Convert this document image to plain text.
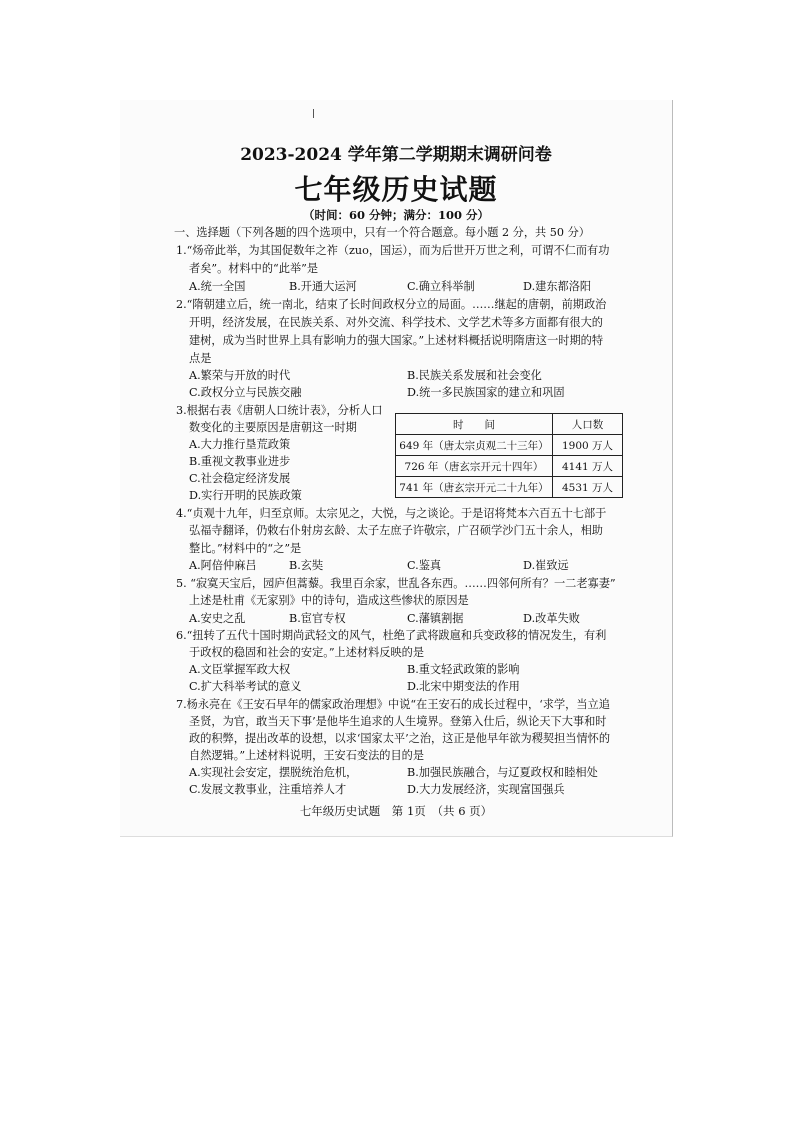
2023-2024 学年第二学期期末调研问卷
七年级历史试题
（时间：60 分钟；满分：100 分）
一、选择题（下列各题的四个选项中，只有一个符合题意。每小题 2 分，共 50 分）
1.“炀帝此举，为其国促数年之祚（zuo，国运），而为后世开万世之利，可谓不仁而有功
者矣”。材料中的“此举”是
A.统一全国	B.开通大运河	C.确立科举制	D.建东都洛阳
2.“隋朝建立后，统一南北，结束了长时间政权分立的局面。……继起的唐朝，前期政治
开明，经济发展，在民族关系、对外交流、科学技术、文学艺术等多方面都有很大的
建树，成为当时世界上具有影响力的强大国家。”上述材料概括说明隋唐这一时期的特
点是
A.繁荣与开放的时代	B.民族关系发展和社会变化
C.政权分立与民族交融	D.统一多民族国家的建立和巩固
3.根据右表《唐朝人口统计表》，分析人口
数变化的主要原因是唐朝这一时期
A.大力推行垦荒政策
B.重视文教事业进步
C.社会稳定经济发展
D.实行开明的民族政策
时　　间	人口数
649 年（唐太宗贞观二十三年）	1900 万人
726 年（唐玄宗开元十四年）	4141 万人
741 年（唐玄宗开元二十九年）	4531 万人
4.“贞观十九年，归至京师。太宗见之，大悦，与之谈论。于是诏将梵本六百五十七部于
弘福寺翻译，仍敕右仆射房玄龄、太子左庶子许敬宗，广召硕学沙门五十余人，相助
整比。”材料中的“之”是
A.阿倍仲麻吕	B.玄奘	C.鉴真	D.崔致远
5. “寂寞天宝后，园庐但蒿藜。我里百余家，世乱各东西。……四邻何所有？一二老寡妻”
上述是杜甫《无家别》中的诗句，造成这些惨状的原因是
A.安史之乱	B.宦官专权	C.藩镇割据	D.改革失败
6.“扭转了五代十国时期尚武轻文的风气，杜绝了武将跋扈和兵变政移的情况发生，有利
于政权的稳固和社会的安定。”上述材料反映的是
A.文臣掌握军政大权	B.重文轻武政策的影响
C.扩大科举考试的意义	D.北宋中期变法的作用
7.杨永亮在《王安石早年的儒家政治理想》中说“在王安石的成长过程中，‘求学，当立追
圣贤，为官，敢当天下事’是他毕生追求的人生境界。登第入仕后，纵论天下大事和时
政的积弊，提出改革的设想，以求‘国家太平’之治，这正是他早年欲为稷契担当情怀的
自然逻辑。”上述材料说明，王安石变法的目的是
A.实现社会安定，摆脱统治危机，	B.加强民族融合，与辽夏政权和睦相处
C.发展文教事业，注重培养人才	D.大力发展经济，实现富国强兵
七年级历史试题　第 1页　（共 6 页）
